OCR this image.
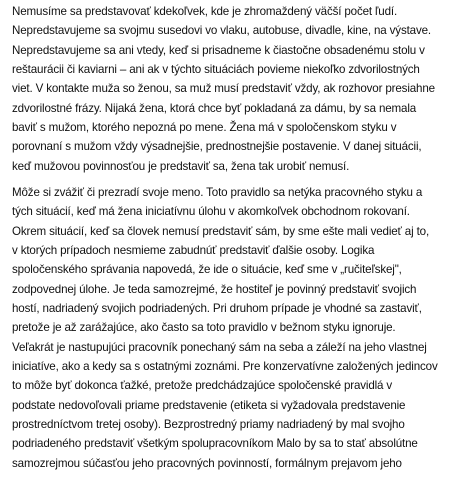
Nemusíme sa predstavovať kdekoľvek, kde je zhromaždený väčší počet ľudí.
Nepredstavujeme sa svojmu susedovi vo vlaku, autobuse, divadle, kine, na výstave.
Nepredstavujeme sa ani vtedy, keď si prisadneme k čiastočne obsadenému stolu v
reštaurácii či kaviarni – ani ak v týchto situáciách povieme niekoľko zdvorilostných
viet. V kontakte muža so ženou, sa muž musí predstaviť vždy, ak rozhovor presiahne
zdvorilostné frázy. Nijaká žena, ktorá chce byť pokladaná za dámu, by sa nemala
baviť s mužom, ktorého nepozná po mene. Žena má v spoločenskom styku v
porovnaní s mužom vždy výsadnejšie, prednostnejšie postavenie. V danej situácii,
keď mužovou povinnosťou je predstaviť sa, žena tak urobiť nemusí.
Môže si zvážiť či prezradí svoje meno. Toto pravidlo sa netýka pracovného styku a
tých situácií, keď má žena iniciatívnu úlohu v akomkoľvek obchodnom rokovaní.
Okrem situácií, keď sa človek nemusí predstaviť sám, by sme ešte mali vedieť aj to,
v ktorých prípadoch nesmieme zabudnúť predstaviť ďalšie osoby. Logika
spoločenského správania napovedá, že ide o situácie, keď sme v „ručiteľskej",
zodpovednej úlohe. Je teda samozrejmé, že hostiteľ je povinný predstaviť svojich
hostí, nadriadený svojich podriadených. Pri druhom prípade je vhodné sa zastaviť,
pretože je až zarážajúce, ako často sa toto pravidlo v bežnom styku ignoruje.
Veľakrát je nastupujúci pracovník ponechaný sám na seba a záleží na jeho vlastnej
iniciatíve, ako a kedy sa s ostatnými zoznámi. Pre konzervatívne založených jedincov
to môže byť dokonca ťažké, pretože predchádzajúce spoločenské pravidlá v
podstate nedovoľovali priame predstavenie (etiketa si vyžadovala predstavenie
prostredníctvom tretej osoby). Bezprostredný priamy nadriadený by mal svojho
podriadeného predstaviť všetkým spolupracovníkom Malo by sa to stať absolútne
samozrejmou súčasťou jeho pracovných povinností, formálnym prejavom jeho
